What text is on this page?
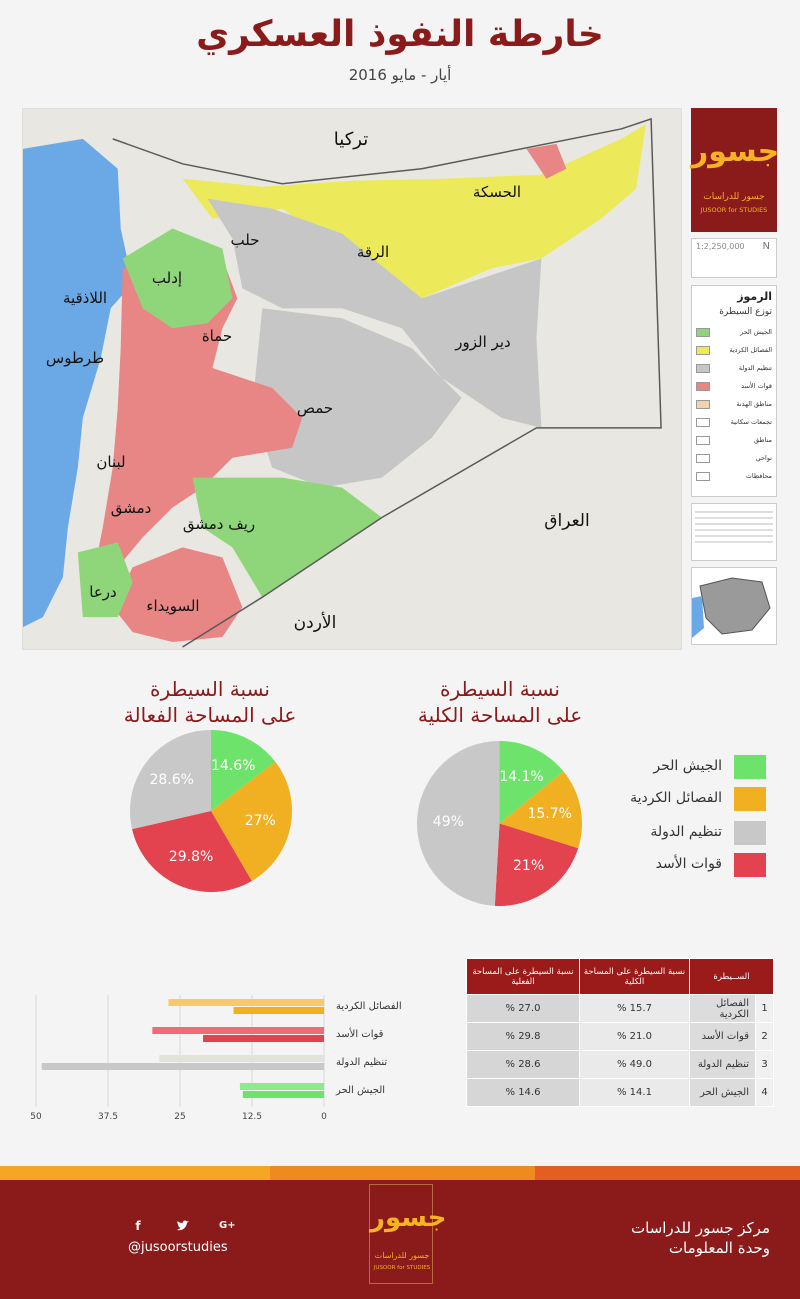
خارطة النفوذ العسكري
أيار - مايو 2016
تركيا
الحسكة
حلب
الرقة
إدلب
اللاذقية
حماة
طرطوس
دير الزور
حمص
لبنان
دمشق
ريف دمشق	العراق
درعا
السويداء
الأردن
جسور
جسور للدراسات
JUSOOR for STUDIES
1:2,250,000 N
الرموز
توزع السيطرة
الجيش الحر
الفصائل الكردية
تنظيم الدولة
قوات الأسد
مناطق الهدنة
تجمعات سكانية
مناطق
نواحي
محافظات
نسبة السيطرة
على المساحة الفعالة
نسبة السيطرة
على المساحة الكلية
14.6%
27%
29.8%
28.6%	14.1%
15.7%
21%
49%
الجيش الحر
الفصائل الكردية
تنظيم الدولة
قوات الأسد
50	37.5	25	12.5	0
الفصائل الكردية
قوات الأسد
تنظيم الدولة
الجيش الحر
الســيطرة		نسبة السيطرة على المساحة الكلية	نسبة السيطرة على المساحة الفعلية
1	الفصائل الكردية	15.7 %	27.0 %
2	قوات الأسد	21.0 %	29.8 %
3	تنظيم الدولة	49.0 %	28.6 %
4	الجيش الحر	14.1 %	14.6 %
f	G+
@jusoorstudies
جسور
جسور للدراسات
JUSOOR for STUDIES
مركز جسور للدراسات
وحدة المعلومات
